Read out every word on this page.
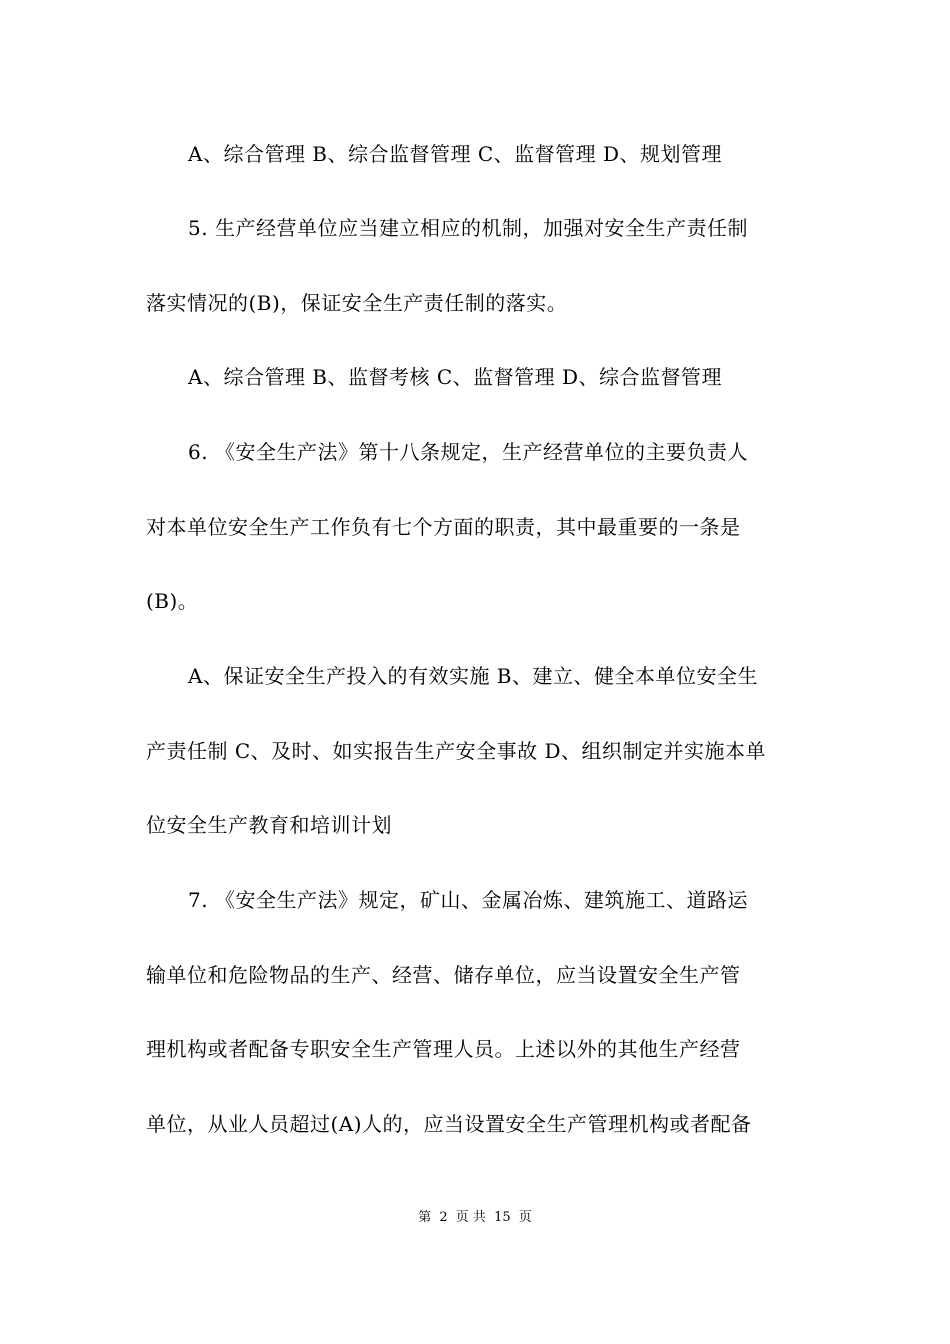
A、综合管理 B、综合监督管理 C、监督管理 D、规划管理
5. 生产经营单位应当建立相应的机制，加强对安全生产责任制
落实情况的(B)，保证安全生产责任制的落实。
A、综合管理 B、监督考核 C、监督管理 D、综合监督管理
6. 《安全生产法》第十八条规定，生产经营单位的主要负责人
对本单位安全生产工作负有七个方面的职责，其中最重要的一条是
(B)。
A、保证安全生产投入的有效实施 B、建立、健全本单位安全生
产责任制 C、及时、如实报告生产安全事故 D、组织制定并实施本单
位安全生产教育和培训计划
7. 《安全生产法》规定，矿山、金属冶炼、建筑施工、道路运
输单位和危险物品的生产、经营、储存单位，应当设置安全生产管
理机构或者配备专职安全生产管理人员。上述以外的其他生产经营
单位，从业人员超过(A)人的，应当设置安全生产管理机构或者配备
第 2 页 共 15 页
